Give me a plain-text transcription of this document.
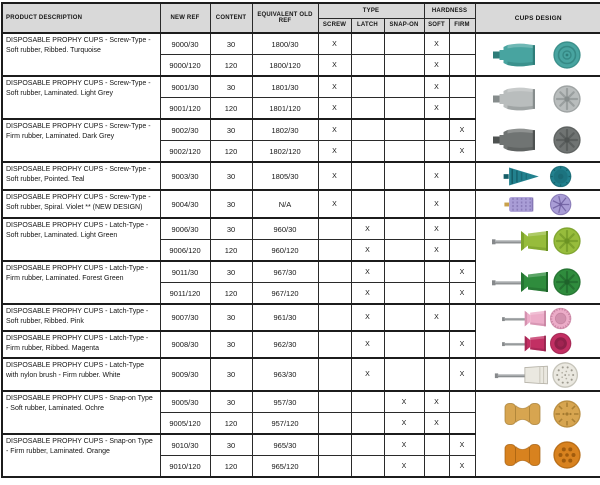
PRODUCT DESCRIPTION	NEW REF	CONTENT	EQUIVALENT OLD REF	TYPE			HARDNESS		CUPS DESIGN
				SCREW	LATCH	SNAP-ON	SOFT	FIRM	

DISPOSABLE PROPHY CUPS - Screw-Type - Soft rubber, Ribbed. Turquoise	9000/30	30	1800/30	X			X		

	9000/120	120	1800/120	X			X		

DISPOSABLE PROPHY CUPS - Screw-Type - Soft rubber, Laminated. Light Grey	9001/30	30	1801/30	X			X		

	9001/120	120	1801/120	X			X		

DISPOSABLE PROPHY CUPS - Screw-Type - Firm rubber, Laminated. Dark Grey	9002/30	30	1802/30	X				X	
	9002/120	120	1802/120	X				X	

DISPOSABLE PROPHY CUPS - Screw-Type - Soft rubber, Pointed. Teal	9003/30	30	1805/30	X			X		

DISPOSABLE PROPHY CUPS - Screw-Type - Soft rubber, Spiral. Violet ** (NEW DESIGN)	9004/30	30	N/A	X			X		

DISPOSABLE PROPHY CUPS - Latch-Type - Soft rubber, Laminated. Light Green	9006/30	30	960/30		X		X		

	9006/120	120	960/120		X		X		

DISPOSABLE PROPHY CUPS - Latch-Type - Firm rubber, Laminated. Forest Green	9011/30	30	967/30		X			X	
	9011/120	120	967/120		X			X	

DISPOSABLE PROPHY CUPS - Latch-Type - Soft rubber, Ribbed. Pink	9007/30	30	961/30		X		X		

DISPOSABLE PROPHY CUPS - Latch-Type - Firm rubber, Ribbed. Magenta	9008/30	30	962/30		X			X	

DISPOSABLE PROPHY CUPS - Latch-Type with nylon brush - Firm rubber. White	9009/30	30	963/30		X			X	

DISPOSABLE PROPHY CUPS - Snap-on Type - Soft rubber, Laminated. Ochre	9005/30	30	957/30			X	X		

	9005/120	120	957/120			X	X		

DISPOSABLE PROPHY CUPS - Snap-on Type - Firm rubber, Laminated. Orange	9010/30	30	965/30			X		X	
	9010/120	120	965/120			X		X	
